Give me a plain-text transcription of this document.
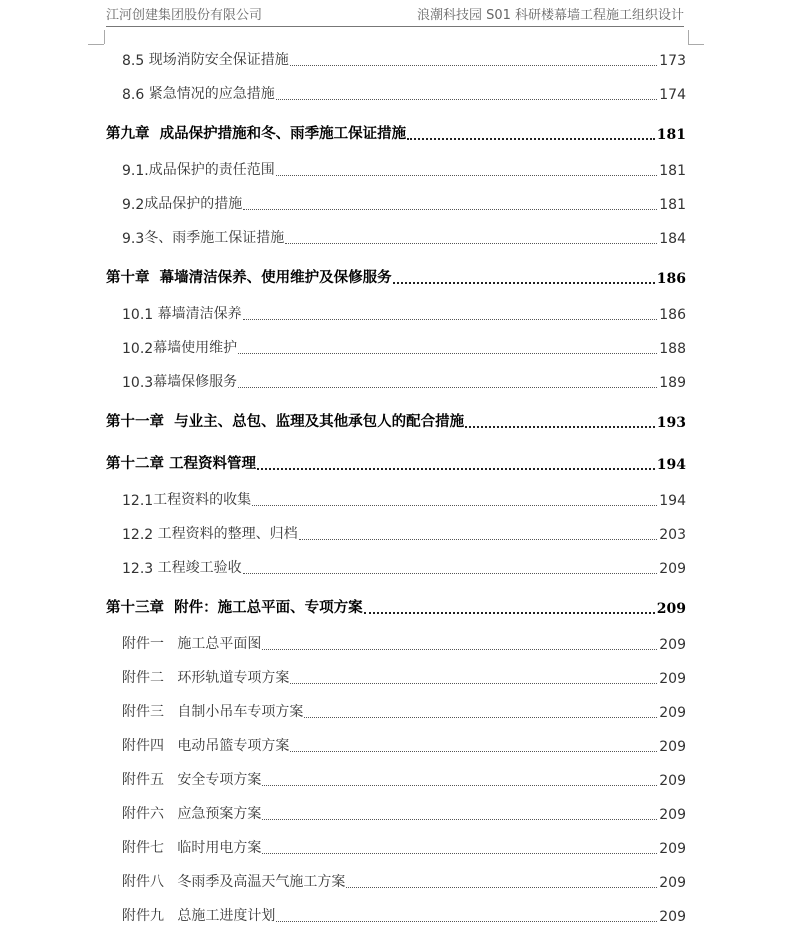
江河创建集团股份有限公司	浪潮科技园 S01 科研楼幕墙工程施工组织设计
8.5 现场消防安全保证措施	173
8.6 紧急情况的应急措施	174
第九章 成品保护措施和冬、雨季施工保证措施	181
9.1. 成品保护的责任范围	181
9.2 成品保护的措施	181
9.3 冬、雨季施工保证措施	184
第十章 幕墙清洁保养、使用维护及保修服务	186
10.1 幕墙清洁保养	186
10.2 幕墙使用维护	188
10.3 幕墙保修服务	189
第十一章 与业主、总包、监理及其他承包人的配合措施	193
第十二章 工程资料管理	194
12.1 工程资料的收集	194
12.2 工程资料的整理、归档	203
12.3 工程竣工验收	209
第十三章 附件：施工总平面、专项方案	209
附件一 施工总平面图	209
附件二 环形轨道专项方案	209
附件三 自制小吊车专项方案	209
附件四 电动吊篮专项方案	209
附件五 安全专项方案	209
附件六 应急预案方案	209
附件七 临时用电方案	209
附件八 冬雨季及高温天气施工方案	209
附件九 总施工进度计划	209
